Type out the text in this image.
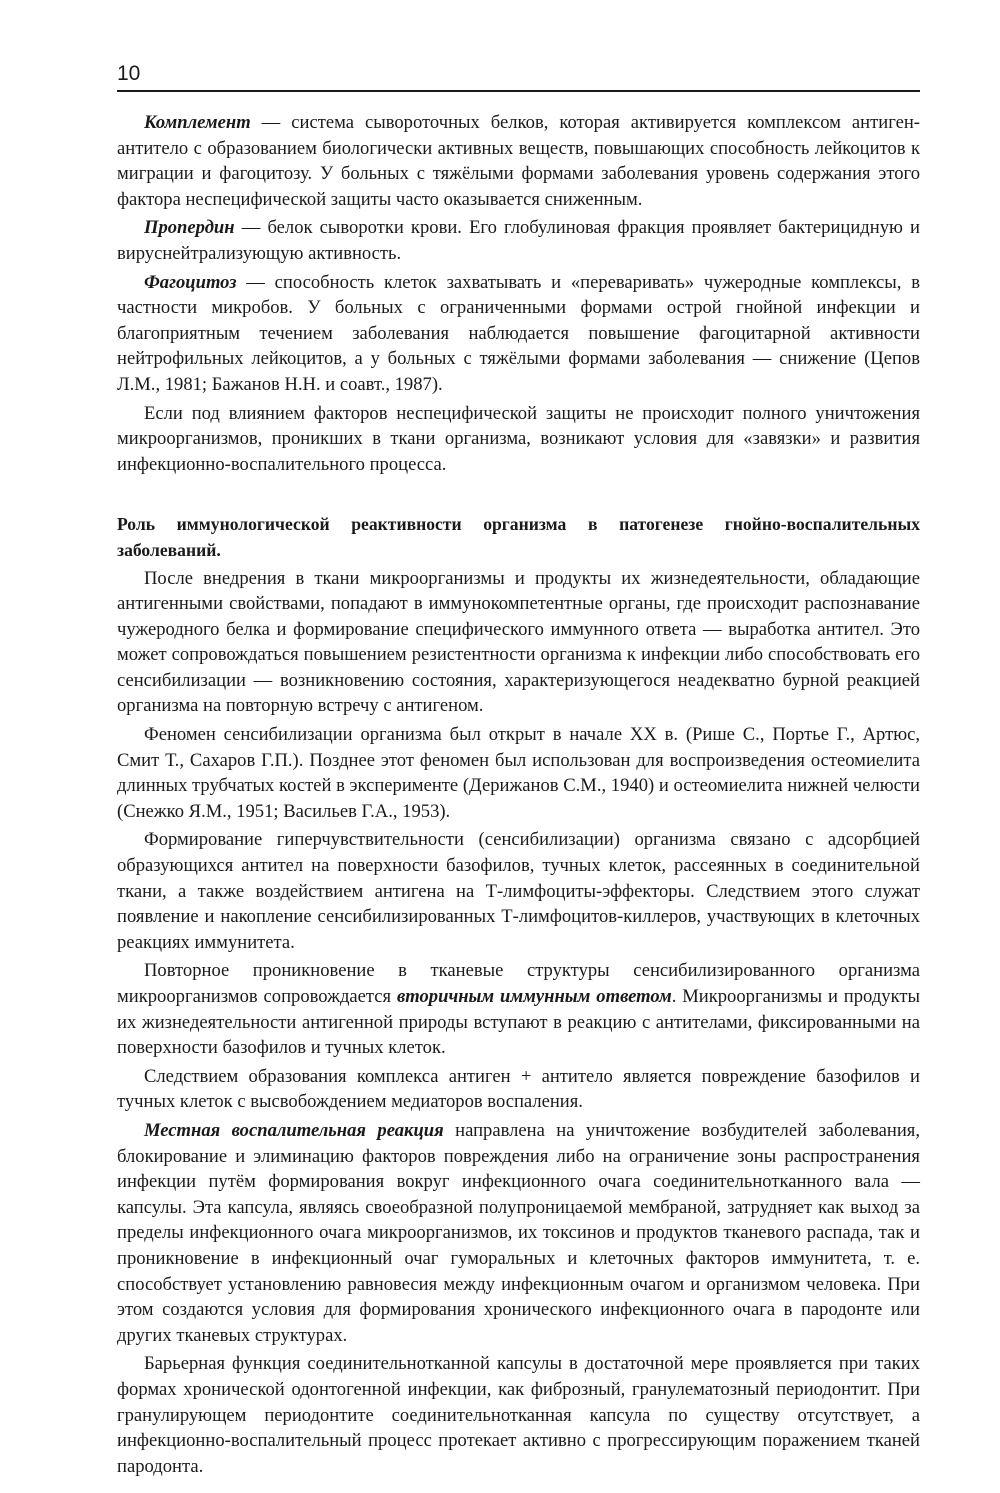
10

Комплемент — система сывороточных белков, которая активируется комплексом антиген-антитело с образованием биологически активных веществ, повышающих способность лейкоцитов к миграции и фагоцитозу. У больных с тяжёлыми формами заболевания уровень содержания этого фактора неспецифической защиты часто оказывается сниженным.

Пропердин — белок сыворотки крови. Его глобулиновая фракция проявляет бактерицидную и вируснейтрализующую активность.

Фагоцитоз — способность клеток захватывать и «переваривать» чужеродные комплексы, в частности микробов. У больных с ограниченными формами острой гнойной инфекции и благоприятным течением заболевания наблюдается повышение фагоцитарной активности нейтрофильных лейкоцитов, а у больных с тяжёлыми формами заболевания — снижение (Цепов Л.М., 1981; Бажанов Н.Н. и соавт., 1987).

Если под влиянием факторов неспецифической защиты не происходит полного уничтожения микроорганизмов, проникших в ткани организма, возникают условия для «завязки» и развития инфекционно-воспалительного процесса.

Роль иммунологической реактивности организма в патогенезе гнойно-воспалительных заболеваний.

После внедрения в ткани микроорганизмы и продукты их жизнедеятельности, обладающие антигенными свойствами, попадают в иммунокомпетентные органы, где происходит распознавание чужеродного белка и формирование специфического иммунного ответа — выработка антител. Это может сопровождаться повышением резистентности организма к инфекции либо способствовать его сенсибилизации — возникновению состояния, характеризующегося неадекватно бурной реакцией организма на повторную встречу с антигеном.

Феномен сенсибилизации организма был открыт в начале XX в. (Рише С., Портье Г., Артюс, Смит Т., Сахаров Г.П.). Позднее этот феномен был использован для воспроизведения остеомиелита длинных трубчатых костей в эксперименте (Дерижанов С.М., 1940) и остеомиелита нижней челюсти (Снежко Я.М., 1951; Васильев Г.А., 1953).

Формирование гиперчувствительности (сенсибилизации) организма связано с адсорбцией образующихся антител на поверхности базофилов, тучных клеток, рассеянных в соединительной ткани, а также воздействием антигена на Т-лимфоциты-эффекторы. Следствием этого служат появление и накопление сенсибилизированных Т-лимфоцитов-киллеров, участвующих в клеточных реакциях иммунитета.

Повторное проникновение в тканевые структуры сенсибилизированного организма микроорганизмов сопровождается вторичным иммунным ответом. Микроорганизмы и продукты их жизнедеятельности антигенной природы вступают в реакцию с антителами, фиксированными на поверхности базофилов и тучных клеток.

Следствием образования комплекса антиген + антитело является повреждение базофилов и тучных клеток с высвобождением медиаторов воспаления.

Местная воспалительная реакция направлена на уничтожение возбудителей заболевания, блокирование и элиминацию факторов повреждения либо на ограничение зоны распространения инфекции путём формирования вокруг инфекционного очага соединительнотканного вала — капсулы. Эта капсула, являясь своеобразной полупроницаемой мембраной, затрудняет как выход за пределы инфекционного очага микроорганизмов, их токсинов и продуктов тканевого распада, так и проникновение в инфекционный очаг гуморальных и клеточных факторов иммунитета, т. е. способствует установлению равновесия между инфекционным очагом и организмом человека. При этом создаются условия для формирования хронического инфекционного очага в пародонте или других тканевых структурах.

Барьерная функция соединительнотканной капсулы в достаточной мере проявляется при таких формах хронической одонтогенной инфекции, как фиброзный, гранулематозный периодонтит. При гранулирующем периодонтите соединительнотканная капсула по существу отсутствует, а инфекционно-воспалительный процесс протекает активно с прогрессирующим поражением тканей пародонта.
